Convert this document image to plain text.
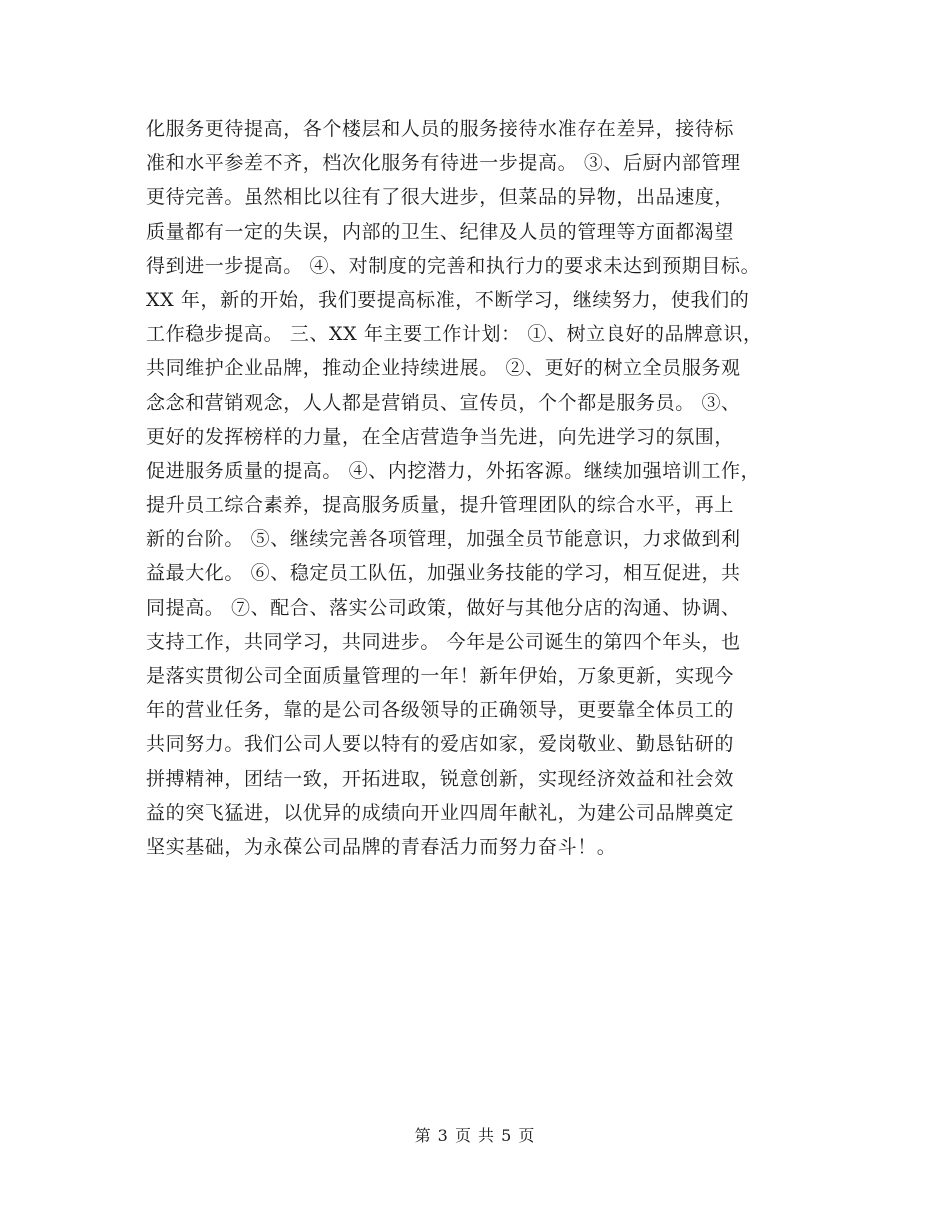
化服务更待提高，各个楼层和人员的服务接待水准存在差异，接待标
准和水平参差不齐，档次化服务有待进一步提高。 ③、后厨内部管理
更待完善。虽然相比以往有了很大进步，但菜品的异物，出品速度，
质量都有一定的失误，内部的卫生、纪律及人员的管理等方面都渴望
得到进一步提高。 ④、对制度的完善和执行力的要求未达到预期目标。
XX 年，新的开始，我们要提高标准，不断学习，继续努力，使我们的
工作稳步提高。 三、XX 年主要工作计划： ①、树立良好的品牌意识，
共同维护企业品牌，推动企业持续进展。 ②、更好的树立全员服务观
念念和营销观念，人人都是营销员、宣传员，个个都是服务员。 ③、
更好的发挥榜样的力量，在全店营造争当先进，向先进学习的氛围，
促进服务质量的提高。 ④、内挖潜力，外拓客源。继续加强培训工作，
提升员工综合素养，提高服务质量，提升管理团队的综合水平，再上
新的台阶。 ⑤、继续完善各项管理，加强全员节能意识，力求做到利
益最大化。 ⑥、稳定员工队伍，加强业务技能的学习，相互促进，共
同提高。 ⑦、配合、落实公司政策，做好与其他分店的沟通、协调、
支持工作，共同学习，共同进步。 今年是公司诞生的第四个年头，也
是落实贯彻公司全面质量管理的一年！新年伊始，万象更新，实现今
年的营业任务，靠的是公司各级领导的正确领导，更要靠全体员工的
共同努力。我们公司人要以特有的爱店如家，爱岗敬业、勤恳钻研的
拼搏精神，团结一致，开拓进取，锐意创新，实现经济效益和社会效
益的突飞猛进，以优异的成绩向开业四周年献礼，为建公司品牌奠定
坚实基础，为永葆公司品牌的青春活力而努力奋斗！。
第 3 页 共 5 页
